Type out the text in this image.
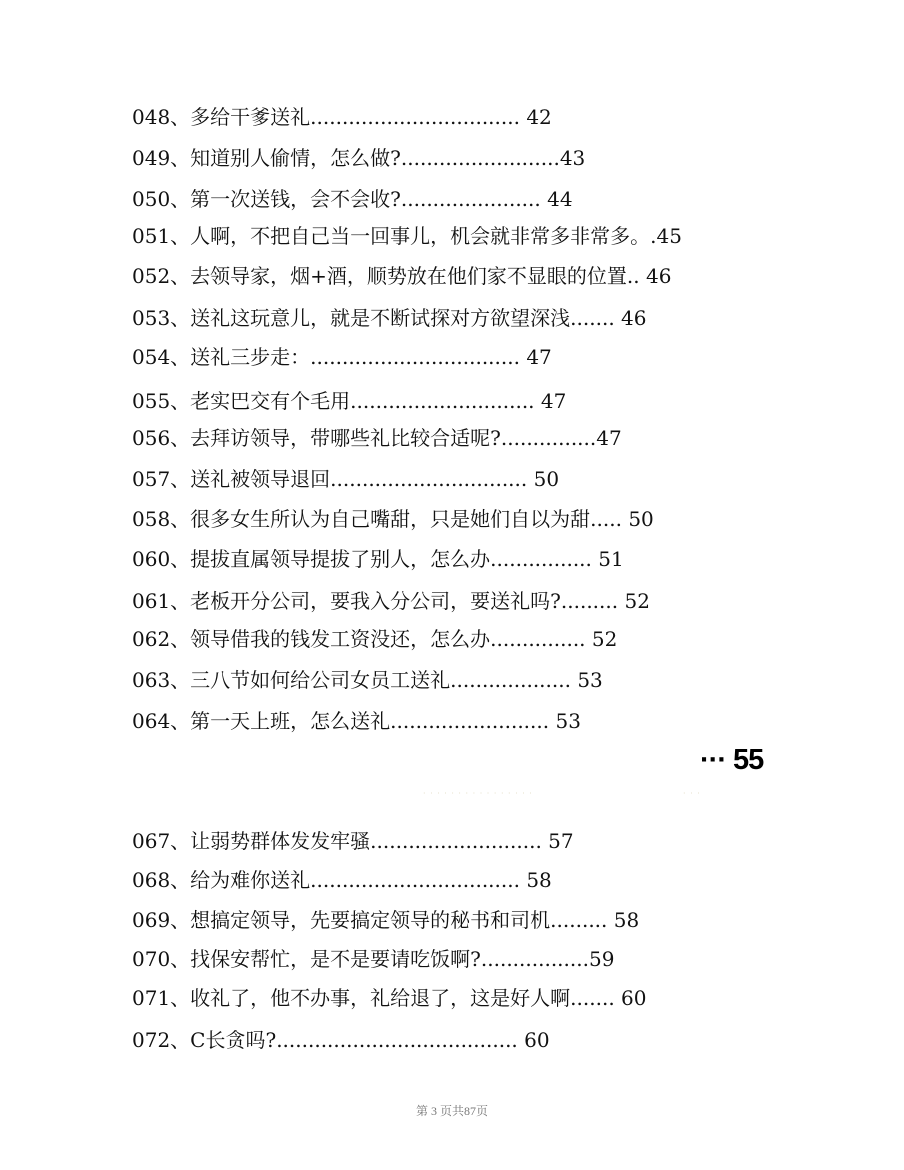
048、多给干爹送礼................................. 42
049、知道别人偷情，怎么做?.........................43
050、第一次送钱，会不会收?...................... 44
051、人啊，不把自己当一回事儿，机会就非常多非常多。.45
052、去领导家，烟+酒，顺势放在他们家不显眼的位置.. 46
053、送礼这玩意儿，就是不断试探对方欲望深浅....... 46
054、送礼三步走：................................. 47
055、老实巴交有个毛用............................. 47
056、去拜访领导，带哪些礼比较合适呢?...............47
057、送礼被领导退回............................... 50
058、很多女生所认为自己嘴甜，只是她们自以为甜..... 50
060、提拔直属领导提拔了别人，怎么办................ 51
061、老板开分公司，要我入分公司，要送礼吗?......... 52
062、领导借我的钱发工资没还，怎么办............... 52
063、三八节如何给公司女员工送礼................... 53
064、第一天上班，怎么送礼......................... 53
··· 55
· · · · · · · · · · · · · · · ·	· · ·
067、让弱势群体发发牢骚........................... 57
068、给为难你送礼................................. 58
069、想搞定领导，先要搞定领导的秘书和司机......... 58
070、找保安帮忙，是不是要请吃饭啊?.................59
071、收礼了，他不办事，礼给退了，这是好人啊....... 60
072、C长贪吗?...................................... 60
第 3 页共87页
